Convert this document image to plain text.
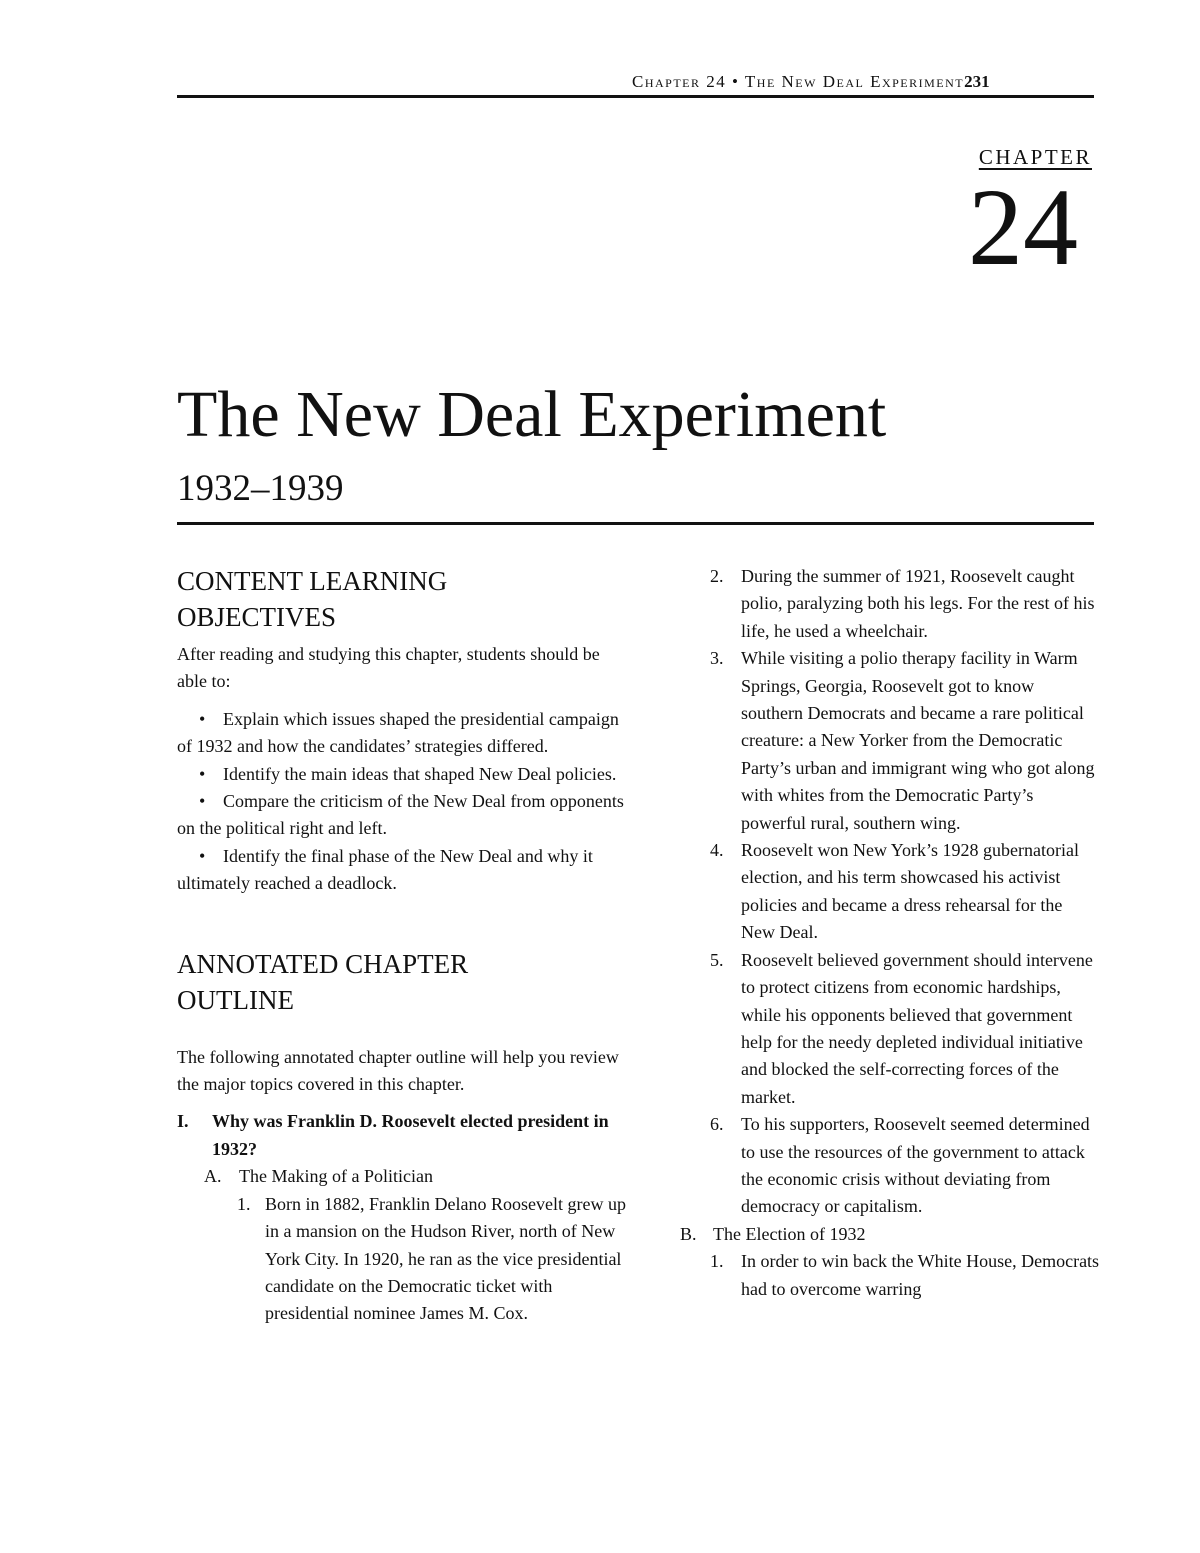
Chapter 24 • The New Deal Experiment231
CHAPTER
24
The New Deal Experiment
1932–1939
CONTENT LEARNING
OBJECTIVES

After reading and studying this chapter, students should be able to:

• Explain which issues shaped the presidential campaign of 1932 and how the candidates’ strategies differed.
• Identify the main ideas that shaped New Deal policies.
• Compare the criticism of the New Deal from opponents on the political right and left.
• Identify the final phase of the New Deal and why it ultimately reached a deadlock.
ANNOTATED CHAPTER
OUTLINE

The following annotated chapter outline will help you review the major topics covered in this chapter.

I. Why was Franklin D. Roosevelt elected president in 1932?
A. The Making of a Politician
1. Born in 1882, Franklin Delano Roosevelt grew up in a mansion on the Hudson River, north of New York City. In 1920, he ran as the vice presidential candidate on the Democratic ticket with presidential nominee James M. Cox.
2. During the summer of 1921, Roosevelt caught polio, paralyzing both his legs. For the rest of his life, he used a wheelchair.
3. While visiting a polio therapy facility in Warm Springs, Georgia, Roosevelt got to know southern Democrats and became a rare political creature: a New Yorker from the Democratic Party’s urban and immigrant wing who got along with whites from the Democratic Party’s powerful rural, southern wing.
4. Roosevelt won New York’s 1928 gubernatorial election, and his term showcased his activist policies and became a dress rehearsal for the New Deal.
5. Roosevelt believed government should intervene to protect citizens from economic hardships, while his opponents believed that government help for the needy depleted individual initiative and blocked the self-correcting forces of the market.
6. To his supporters, Roosevelt seemed determined to use the resources of the government to attack the economic crisis without deviating from democracy or capitalism.
B. The Election of 1932
1. In order to win back the White House, Democrats had to overcome warring
